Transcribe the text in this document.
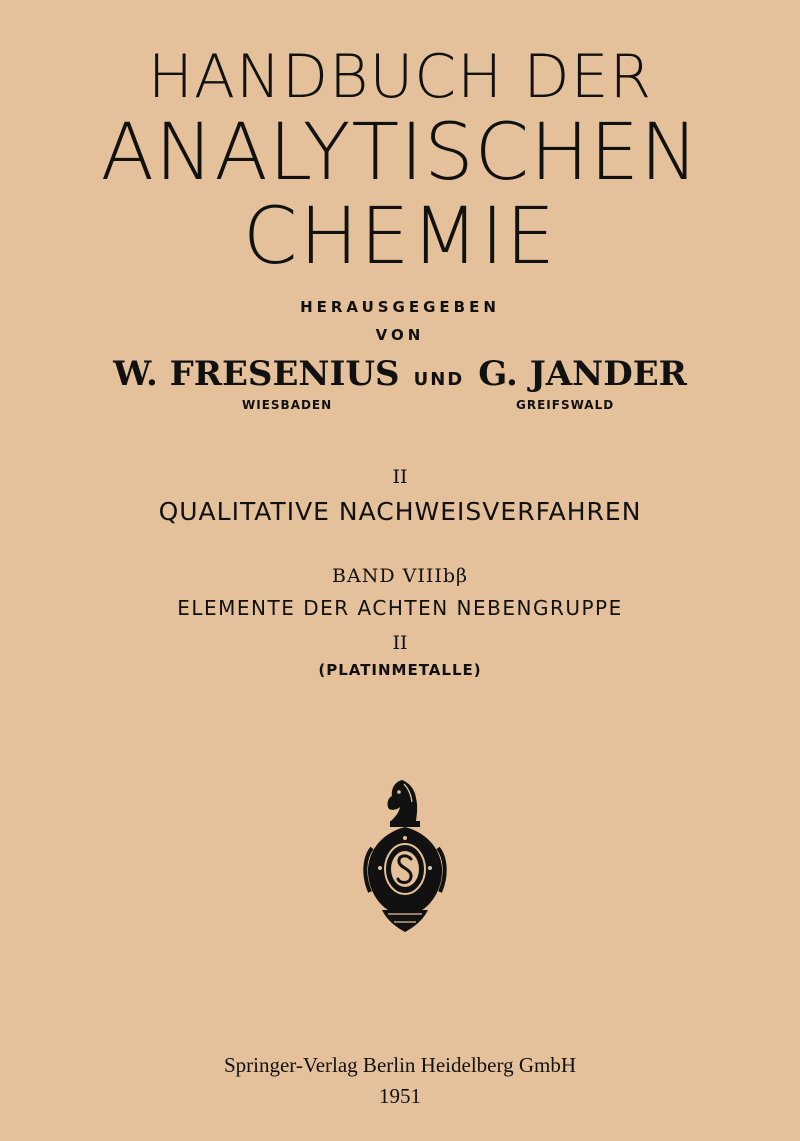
HANDBUCH DER
ANALYTISCHEN
CHEMIE
HERAUSGEGEBEN
VON
W. FRESENIUS UND G. JANDER
WIESBADEN	GREIFSWALD
II
QUALITATIVE NACHWEISVERFAHREN
BAND VIIIbβ
ELEMENTE DER ACHTEN NEBENGRUPPE
II
(PLATINMETALLE)
Springer-Verlag Berlin Heidelberg GmbH
1951
